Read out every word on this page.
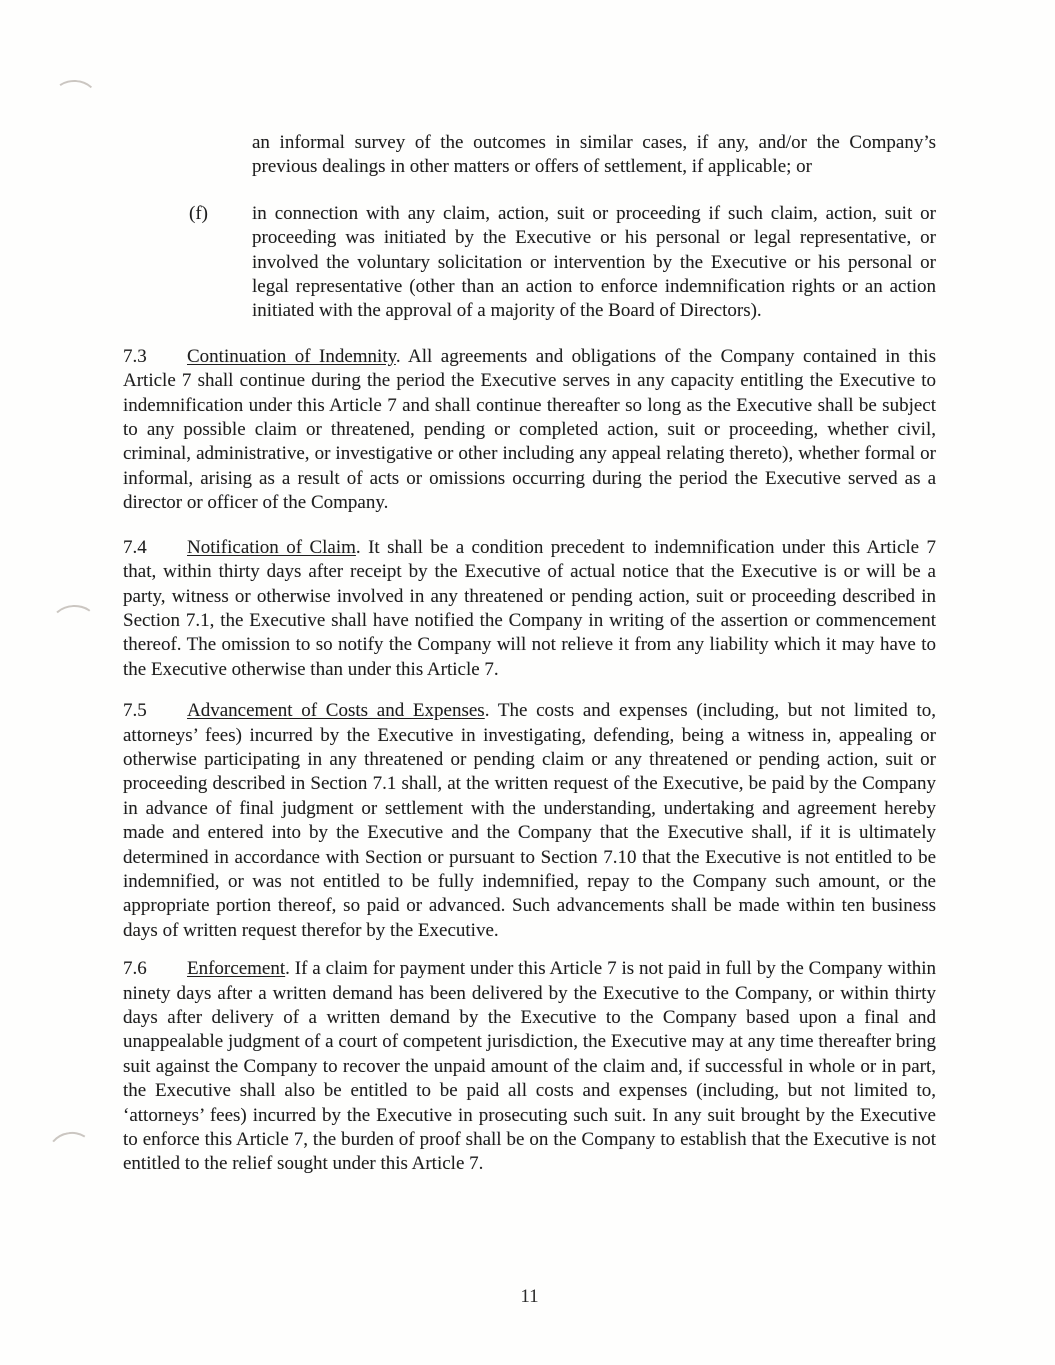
an informal survey of the outcomes in similar cases, if any, and/or the Company’s previous dealings in other matters or offers of settlement, if applicable; or
(f) in connection with any claim, action, suit or proceeding if such claim, action, suit or proceeding was initiated by the Executive or his personal or legal representative, or involved the voluntary solicitation or intervention by the Executive or his personal or legal representative (other than an action to enforce indemnification rights or an action initiated with the approval of a majority of the Board of Directors).
7.3 Continuation of Indemnity. All agreements and obligations of the Company contained in this Article 7 shall continue during the period the Executive serves in any capacity entitling the Executive to indemnification under this Article 7 and shall continue thereafter so long as the Executive shall be subject to any possible claim or threatened, pending or completed action, suit or proceeding, whether civil, criminal, administrative, or investigative or other including any appeal relating thereto), whether formal or informal, arising as a result of acts or omissions occurring during the period the Executive served as a director or officer of the Company.
7.4 Notification of Claim. It shall be a condition precedent to indemnification under this Article 7 that, within thirty days after receipt by the Executive of actual notice that the Executive is or will be a party, witness or otherwise involved in any threatened or pending action, suit or proceeding described in Section 7.1, the Executive shall have notified the Company in writing of the assertion or commencement thereof. The omission to so notify the Company will not relieve it from any liability which it may have to the Executive otherwise than under this Article 7.
7.5 Advancement of Costs and Expenses. The costs and expenses (including, but not limited to, attorneys’ fees) incurred by the Executive in investigating, defending, being a witness in, appealing or otherwise participating in any threatened or pending claim or any threatened or pending action, suit or proceeding described in Section 7.1 shall, at the written request of the Executive, be paid by the Company in advance of final judgment or settlement with the understanding, undertaking and agreement hereby made and entered into by the Executive and the Company that the Executive shall, if it is ultimately determined in accordance with Section or pursuant to Section 7.10 that the Executive is not entitled to be indemnified, or was not entitled to be fully indemnified, repay to the Company such amount, or the appropriate portion thereof, so paid or advanced. Such advancements shall be made within ten business days of written request therefor by the Executive.
7.6 Enforcement. If a claim for payment under this Article 7 is not paid in full by the Company within ninety days after a written demand has been delivered by the Executive to the Company, or within thirty days after delivery of a written demand by the Executive to the Company based upon a final and unappealable judgment of a court of competent jurisdiction, the Executive may at any time thereafter bring suit against the Company to recover the unpaid amount of the claim and, if successful in whole or in part, the Executive shall also be entitled to be paid all costs and expenses (including, but not limited to, ‘attorneys’ fees) incurred by the Executive in prosecuting such suit. In any suit brought by the Executive to enforce this Article 7, the burden of proof shall be on the Company to establish that the Executive is not entitled to the relief sought under this Article 7.
11
